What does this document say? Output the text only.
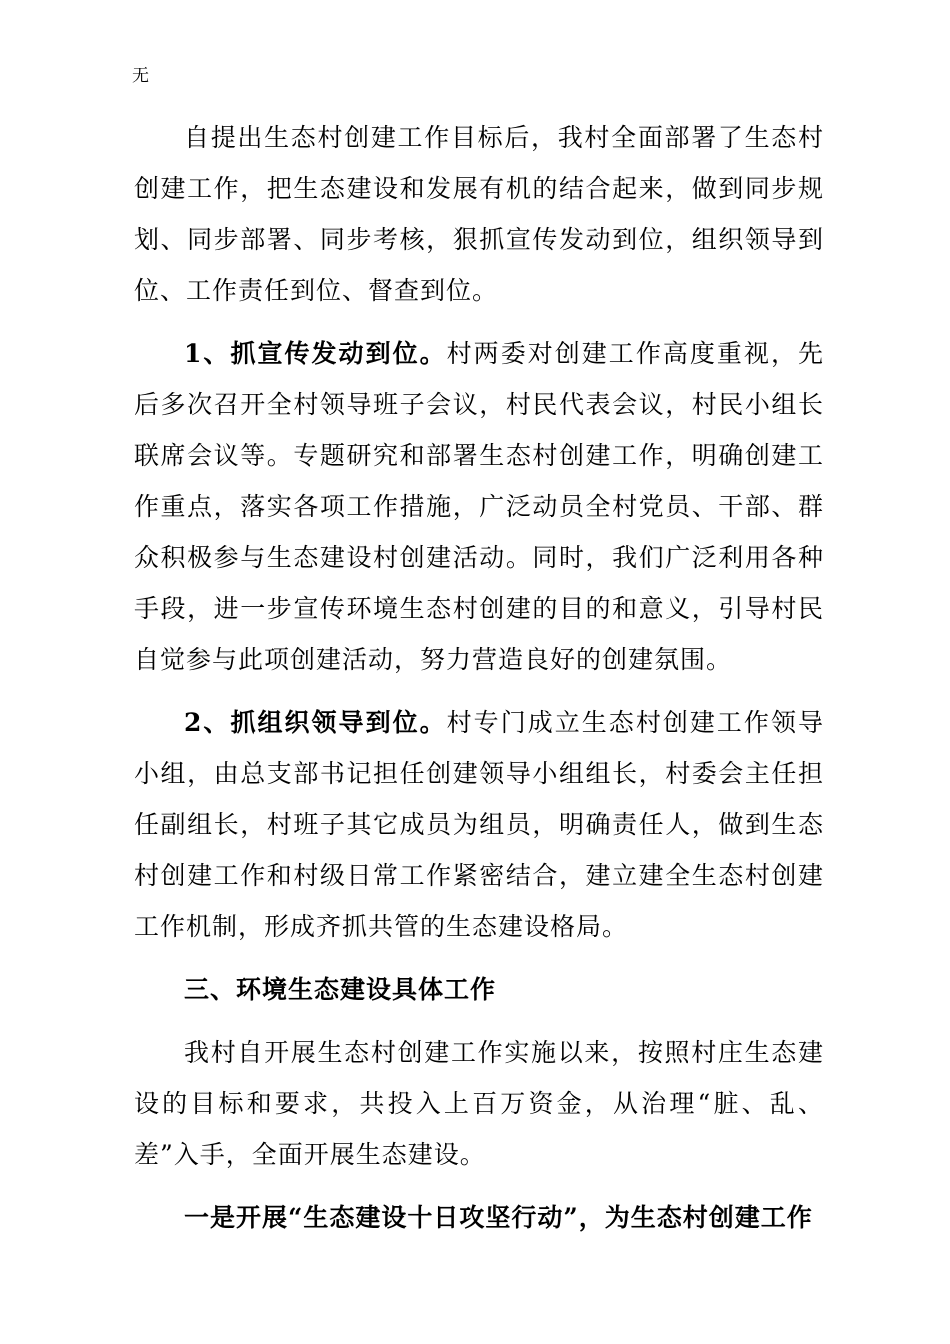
无

自提出生态村创建工作目标后，我村全面部署了生态村创建工作，把生态建设和发展有机的结合起来，做到同步规划、同步部署、同步考核，狠抓宣传发动到位，组织领导到位、工作责任到位、督查到位。

1、抓宣传发动到位。村两委对创建工作高度重视，先后多次召开全村领导班子会议，村民代表会议，村民小组长联席会议等。专题研究和部署生态村创建工作，明确创建工作重点，落实各项工作措施，广泛动员全村党员、干部、群众积极参与生态建设村创建活动。同时，我们广泛利用各种手段，进一步宣传环境生态村创建的目的和意义，引导村民自觉参与此项创建活动，努力营造良好的创建氛围。

2、抓组织领导到位。村专门成立生态村创建工作领导小组，由总支部书记担任创建领导小组组长，村委会主任担任副组长，村班子其它成员为组员，明确责任人，做到生态村创建工作和村级日常工作紧密结合，建立建全生态村创建工作机制，形成齐抓共管的生态建设格局。

三、环境生态建设具体工作

我村自开展生态村创建工作实施以来，按照村庄生态建设的目标和要求，共投入上百万资金，从治理“脏、乱、差”入手，全面开展生态建设。

一是开展“生态建设十日攻坚行动”，为生态村创建工作
